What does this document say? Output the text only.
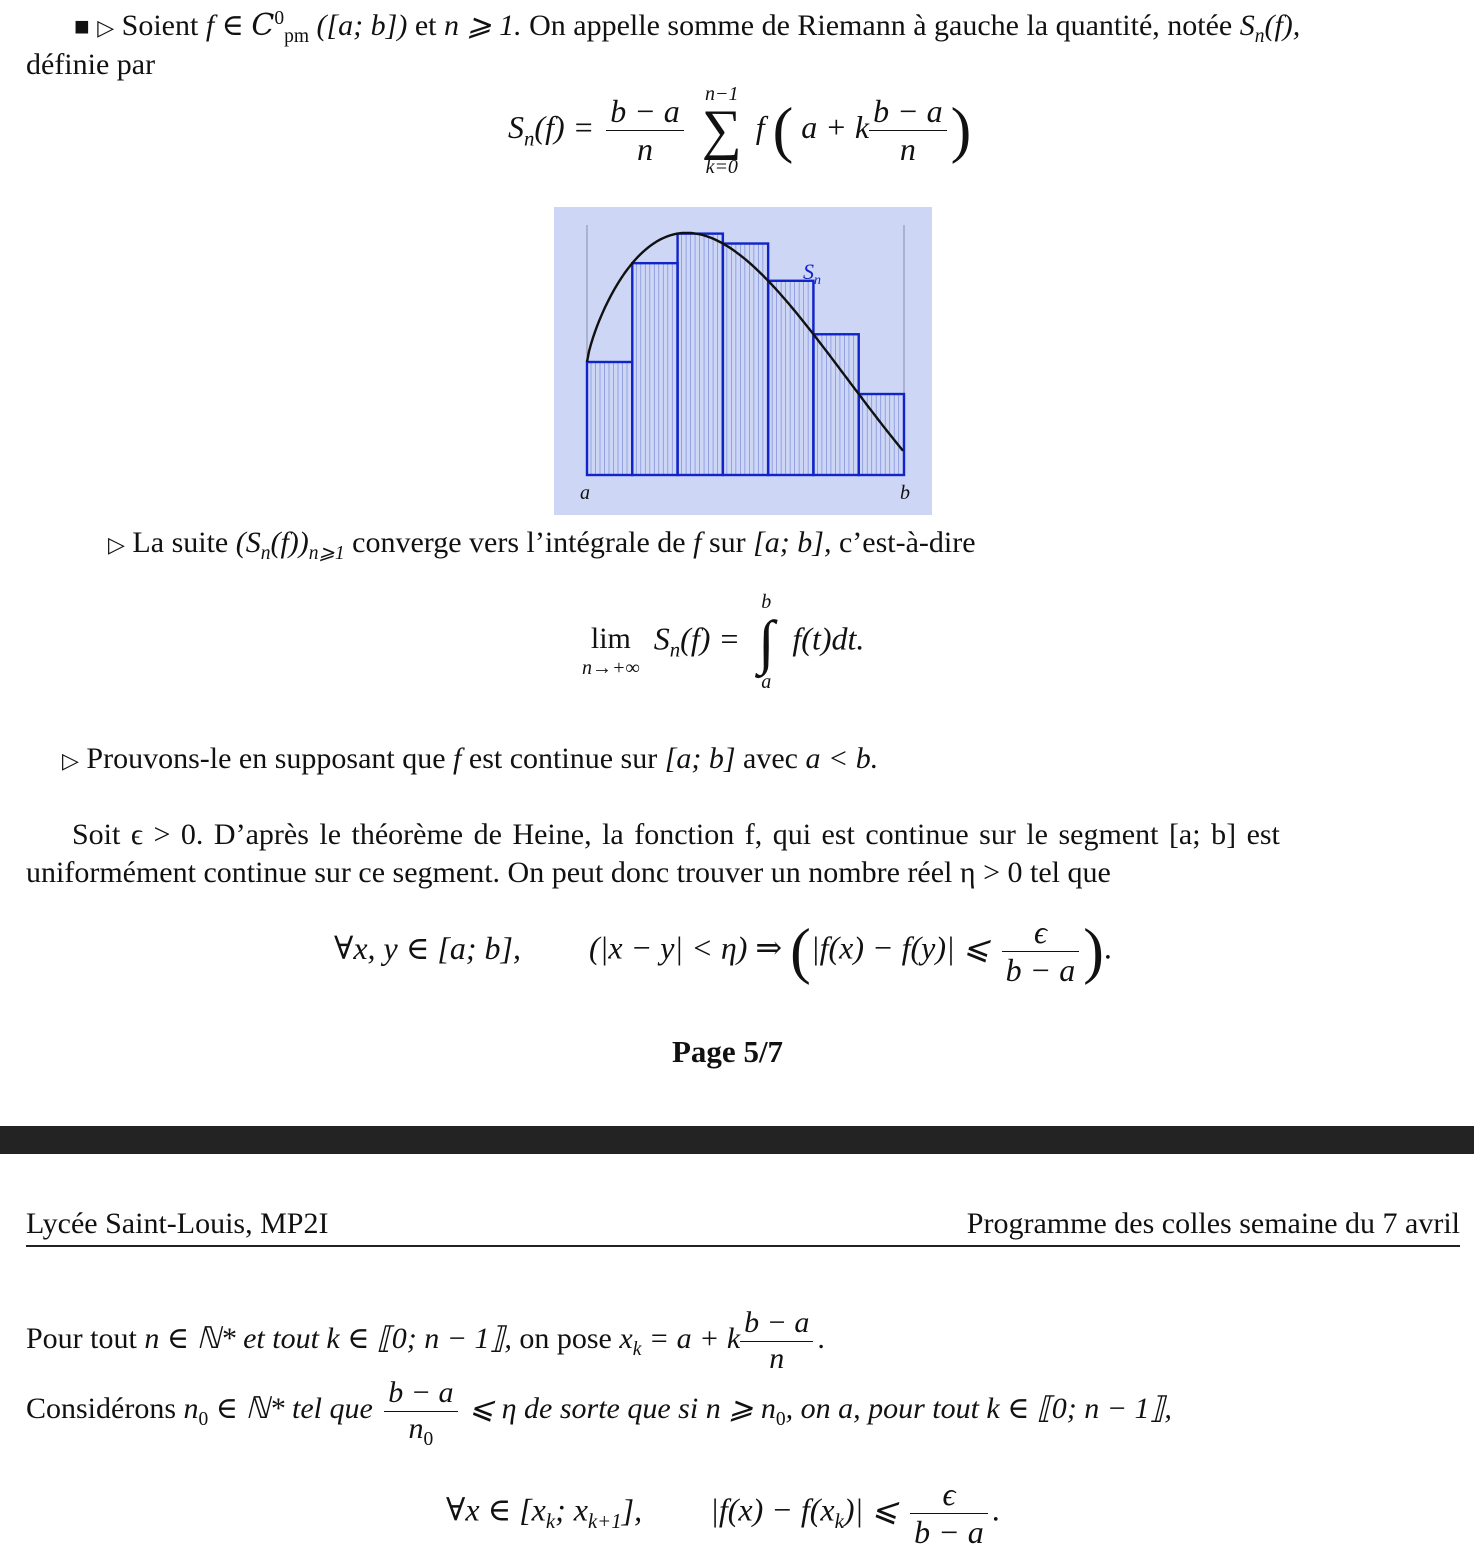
■ ▷ Soient f ∈ $C^0_{pm}$ ([a; b]) et n ⩾ 1. On appelle somme de Riemann à gauche la quantité, notée $S_n(f)$,
définie par
$S_n(f) = \frac{b - a}{n}$
n−1
∑
k=0
f ( a + k $\frac{b - a}{n}$ )
$S_n$
a	b
▷ La suite $(S_n(f))_{n⩾1}$ converge vers l’intégrale de f sur [a; b], c’est-à-dire
lim
n→+∞
$S_n(f)$ =
b
∫
a
f(t)dt.
▷ Prouvons-le en supposant que f est continue sur [a; b] avec a < b.
Soit ϵ > 0. D’après le théorème de Heine, la fonction f, qui est continue sur le segment [a; b] est
uniformément continue sur ce segment. On peut donc trouver un nombre réel η > 0 tel que
∀x, y ∈ [a; b], (|x − y| < η) ⇒ (|f(x) − f(y)| ⩽ $\frac{\epsilon}{b - a}$ ).
Page 5/7
Lycée Saint-Louis, MP2I	Programme des colles semaine du 7 avril
Pour tout n ∈ ℕ* et tout k ∈ ⟦0; n − 1⟧, on pose $x_k = a + k \frac{b - a}{n}$ .
Considérons $n_0$ ∈ ℕ* tel que $\frac{b - a}{n_0}$ ⩽ η de sorte que si n ⩾ $n_0$, on a, pour tout k ∈ ⟦0; n − 1⟧,
∀x ∈ [$x_k$; $x_{k+1}$], $|f(x) - f(x_k)|$ ⩽ $\frac{\epsilon}{b - a}$ .
